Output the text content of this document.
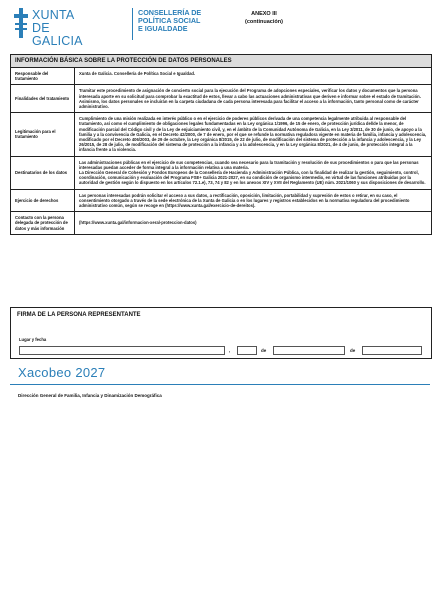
XUNTA
DE GALICIA
CONSELLERÍA DE
POLÍTICA SOCIAL
E IGUALDADE
ANEXO III
(continuación)
INFORMACIÓN BÁSICA SOBRE LA PROTECCIÓN DE DATOS PERSONALES
Responsable del tratamiento
Xunta de Galicia. Consellería de Política Social e Igualdad.
Finalidades del tratamiento
Tramitar este procedimiento de asignación de concierto social para la ejecución del Programa de adopciones especiales, verificar los datos y documentos que la persona interesada aporte en su solicitud para comprobar la exactitud de estos, llevar a cabo las actuaciones administrativas que deriven e informar sobre el estado de tramitación. Asimismo, los datos personales se incluirán en la carpeta ciudadana de cada persona interesada para facilitar el acceso a la información, tanto personal como de carácter administrativo.
Legitimación para el tratamiento
Cumplimiento de una misión realizada en interés público o en el ejercicio de poderes públicos derivada de una competencia legalmente atribuida al responsable del tratamiento, así como el cumplimiento de obligaciones legales fundamentadas en la Ley orgánica 1/1996, de 15 de enero, de protección jurídica del/de la menor, de modificación parcial del Código civil y de la Ley de enjuiciamiento civil, y, en el ámbito de la Comunidad Autónoma de Galicia, en la Ley 3/2011, de 30 de junio, de apoyo a la familia y a la convivencia de Galicia, en el Decreto 42/2000, de 7 de enero, por el que se refunde la normativa reguladora vigente en materia de familia, infancia y adolescencia, modificado por el Decreto 406/2003, de 29 de octubre, la Ley orgánica 8/2015, de 22 de julio, de modificación del sistema de protección a la infancia y adolescencia, y la Ley 26/2015, de 28 de julio, de modificación del sistema de protección a la infancia y a la adolescencia, y en la Ley orgánica 8/2021, de 4 de junio, de protección integral a la infancia frente a la violencia.
Destinatarios de los datos
Las administraciones públicas en el ejercicio de sus competencias, cuando sea necesario para la tramitación y resolución de sus procedimientos o para que las personas interesadas puedan acceder de forma integral a la información relativa a una materia.
La Dirección General de Cohesión y Fondos Europeos de la Consellería de Hacienda y Administración Pública, con la finalidad de realizar la gestión, seguimiento, control, coordinación, comunicación y evaluación del Programa FSE+ Galicia 2021-2027, en su condición de organismo intermedio, en virtud de las funciones atribuidas por la autoridad de gestión según lo dispuesto en los artículos 72.1.e), 73, 74 y 82 y en los anexos XIV y XVII del Reglamento (UE) núm. 2021/1060 y sus disposiciones de desarrollo.
Ejercicio de derechos
Las personas interesadas podrán solicitar el acceso a sus datos, a rectificación, oposición, limitación, portabilidad y supresión de estos o retirar, en su caso, el consentimiento otorgado a través de la sede electrónica de la Xunta de Galicia o en los lugares y registros establecidos en la normativa reguladora del procedimiento administrativo común, según se recoge en (https://www.xunta.gal/exercicio-de-dereitos).
Contacto con la persona delegada de protección de datos y más información
(https://www.xunta.gal/informacion-xeral-proteccion-datos)
FIRMA DE LA PERSONA REPRESENTANTE
Lugar y fecha
,	de	de
Xacobeo 2027
Dirección General de Familia, Infancia y Dinamización Demográfica
